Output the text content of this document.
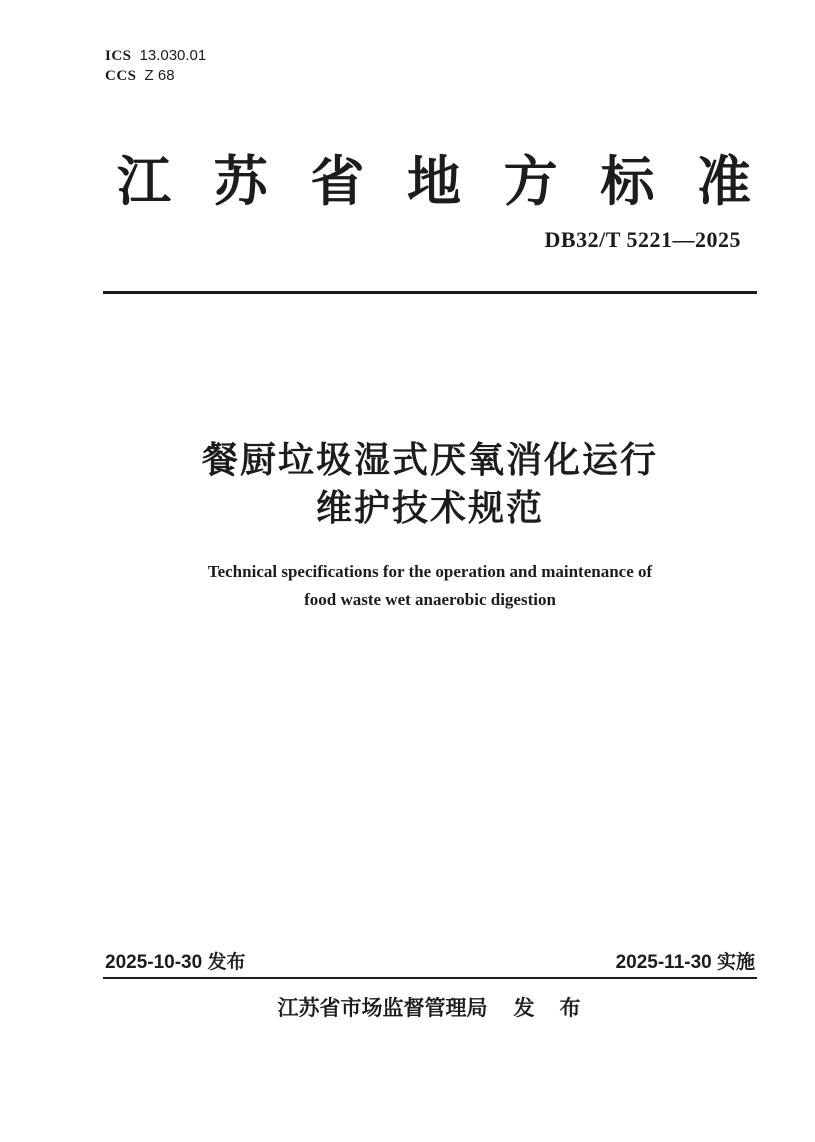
ICS 13.030.01
CCS Z 68
江 苏 省 地 方 标 准
DB32/T 5221—2025
餐厨垃圾湿式厌氧消化运行
维护技术规范
Technical specifications for the operation and maintenance of
food waste wet anaerobic digestion
2025-10-30 发布	2025-11-30 实施
江苏省市场监督管理局 发　布
